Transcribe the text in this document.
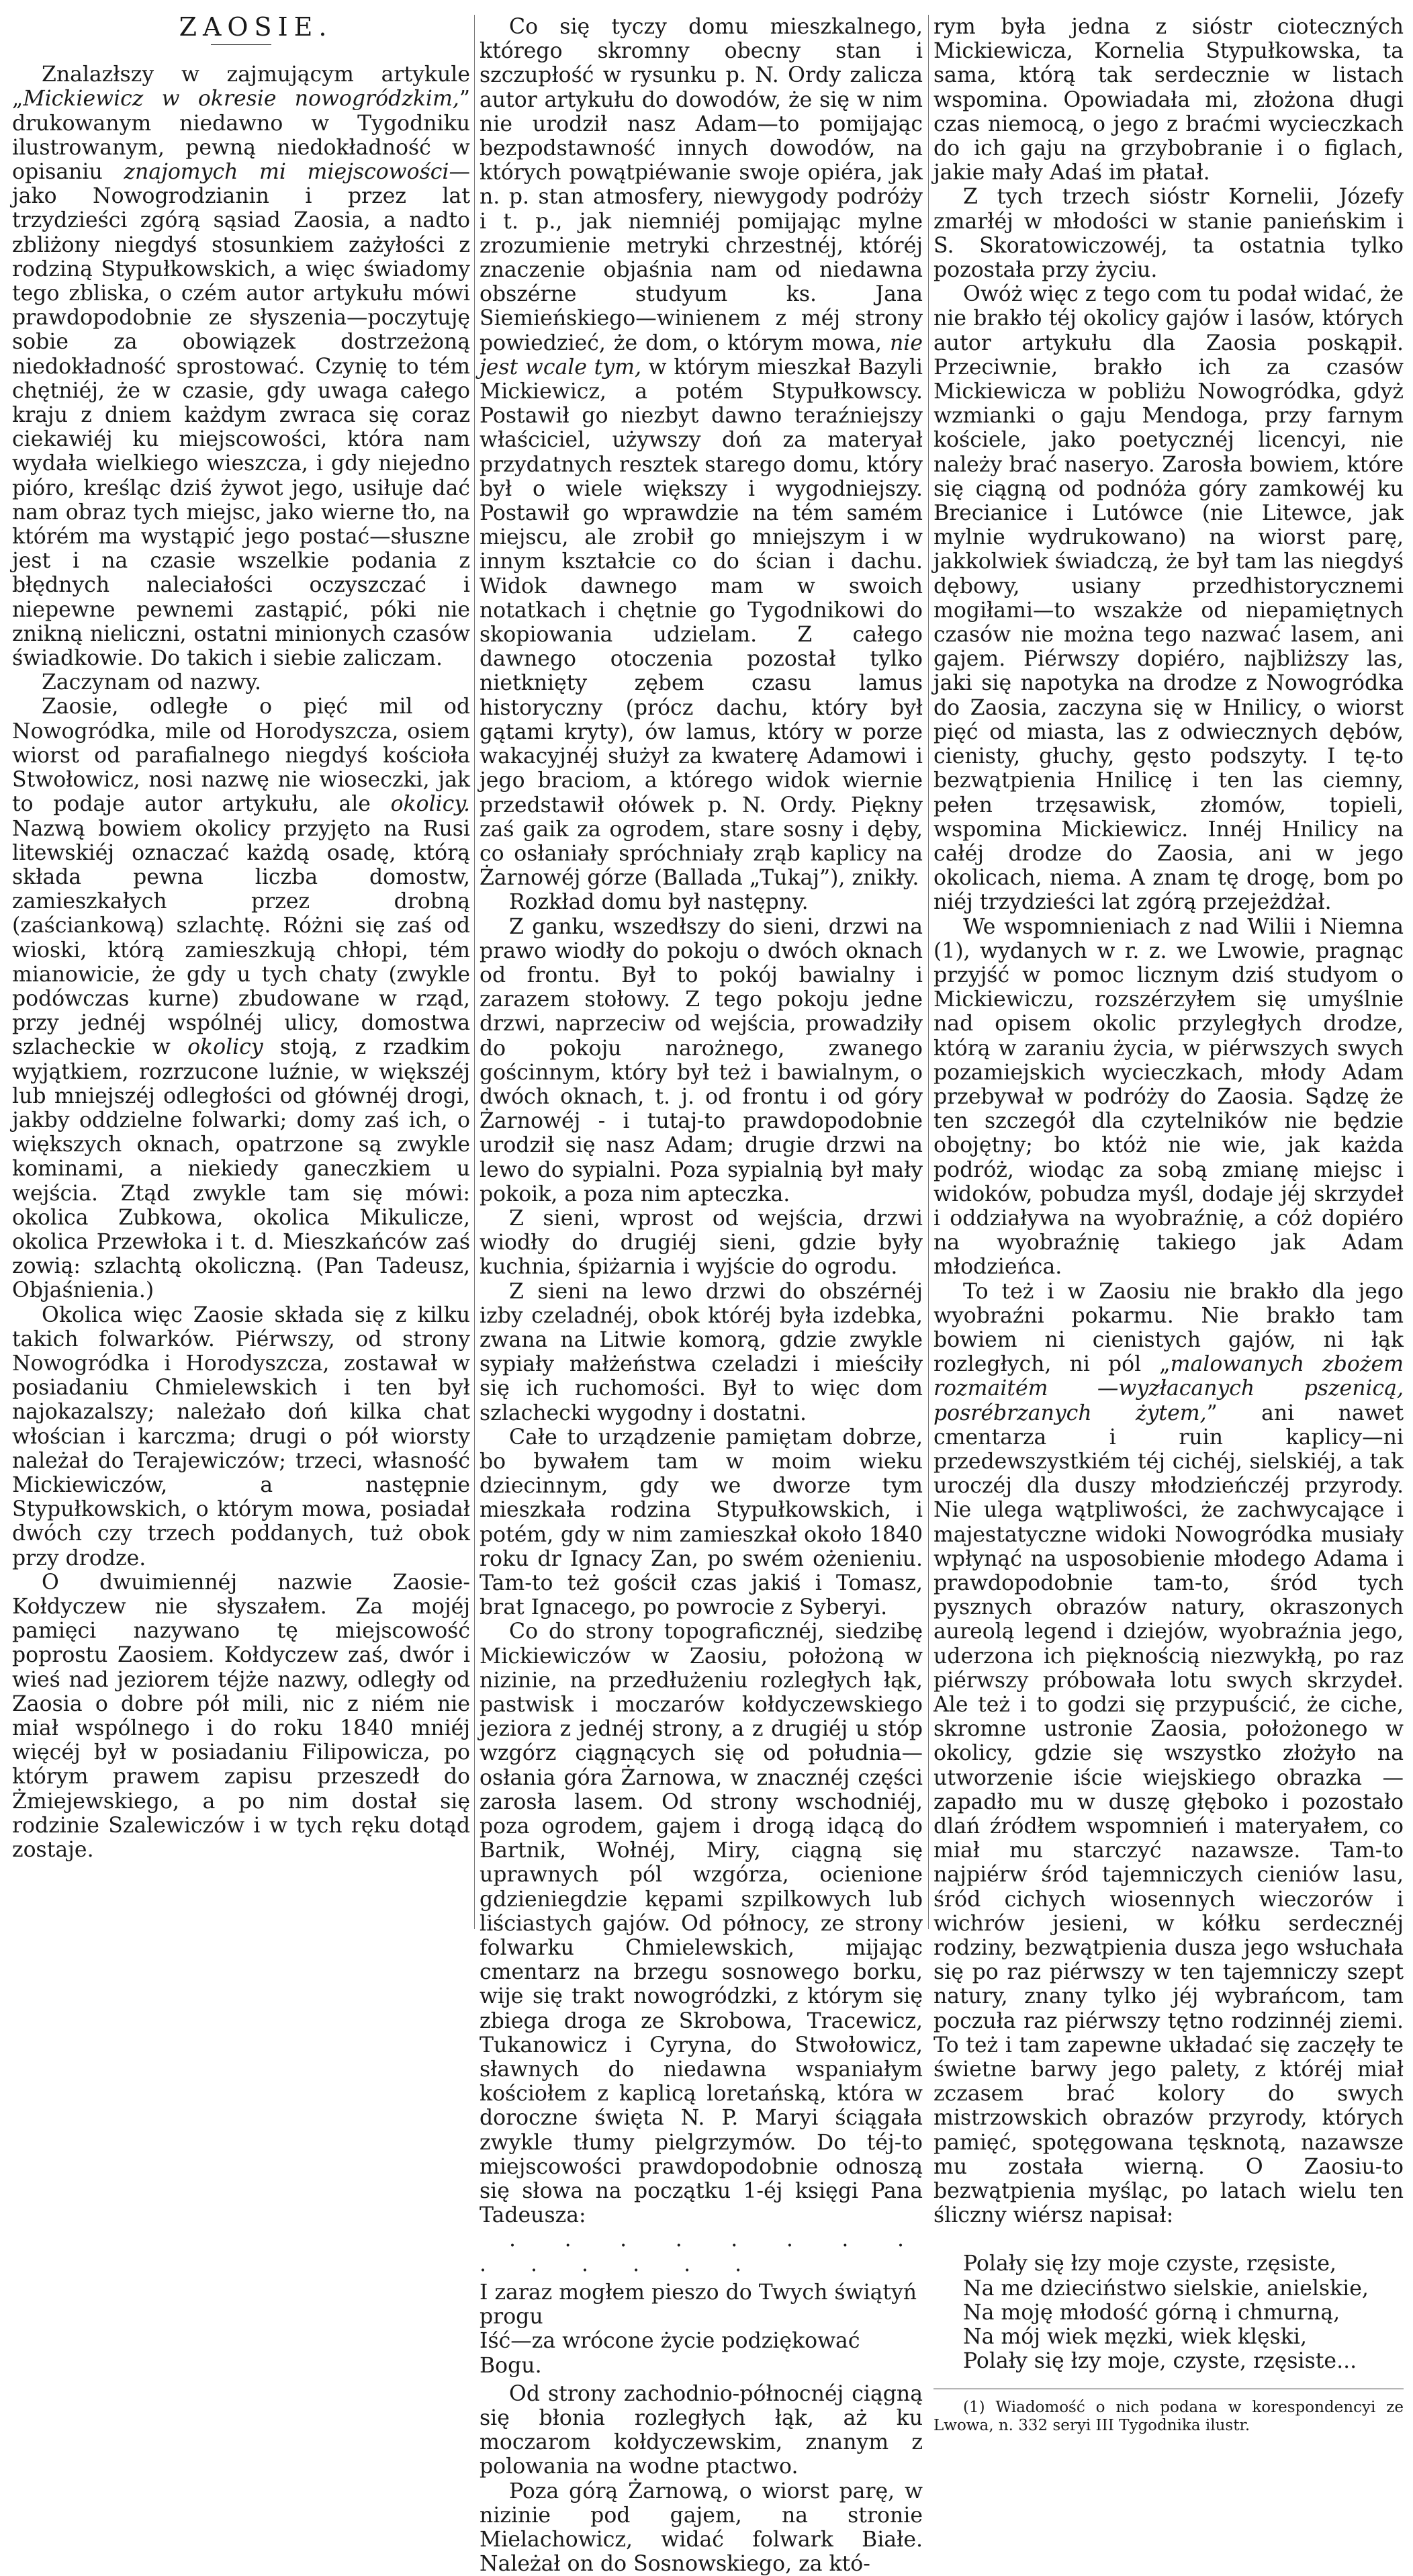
ZAOSIE.

Znalazłszy w zajmującym artykule „Mickiewicz w okresie nowogródzkim,” drukowanym niedawno w Tygodniku ilustrowanym, pewną niedokładność w opisaniu znajomych mi miejscowości—jako Nowogrodzianin i przez lat trzydzieści zgórą sąsiad Zaosia, a nadto zbliżony niegdyś stosunkiem zażyłości z rodziną Stypułkowskich, a więc świadomy tego zbliska, o czém autor artykułu mówi prawdopodobnie ze słyszenia—poczytuję sobie za obowiązek dostrzeżoną niedokładność sprostować. Czynię to tém chętniéj, że w czasie, gdy uwaga całego kraju z dniem każdym zwraca się coraz ciekawiéj ku miejscowości, która nam wydała wielkiego wieszcza, i gdy niejedno pióro, kreśląc dziś żywot jego, usiłuje dać nam obraz tych miejsc, jako wierne tło, na którém ma wystąpić jego postać—słuszne jest i na czasie wszelkie podania z błędnych naleciałości oczyszczać i niepewne pewnemi zastąpić, póki nie znikną nieliczni, ostatni minionych czasów świadkowie. Do takich i siebie zaliczam.

Zaczynam od nazwy.

Zaosie, odległe o pięć mil od Nowogródka, mile od Horodyszcza, osiem wiorst od parafialnego niegdyś kościoła Stwołowicz, nosi nazwę nie wioseczki, jak to podaje autor artykułu, ale okolicy. Nazwą bowiem okolicy przyjęto na Rusi litewskiéj oznaczać każdą osadę, którą składa pewna liczba domostw, zamieszkałych przez drobną (zaściankową) szlachtę. Różni się zaś od wioski, którą zamieszkują chłopi, tém mianowicie, że gdy u tych chaty (zwykle podówczas kurne) zbudowane w rząd, przy jednéj wspólnéj ulicy, domostwa szlacheckie w okolicy stoją, z rzadkim wyjątkiem, rozrzucone luźnie, w większéj lub mniejszéj odległości od głównéj drogi, jakby oddzielne folwarki; domy zaś ich, o większych oknach, opatrzone są zwykle kominami, a niekiedy ganeczkiem u wejścia. Ztąd zwykle tam się mówi: okolica Zubkowa, okolica Mikulicze, okolica Przewłoka i t. d. Mieszkańców zaś zowią: szlachtą okoliczną. (Pan Tadeusz, Objaśnienia.)

Okolica więc Zaosie składa się z kilku takich folwarków. Piérwszy, od strony Nowogródka i Horodyszcza, zostawał w posiadaniu Chmielewskich i ten był najokazalszy; należało doń kilka chat włościan i karczma; drugi o pół wiorsty należał do Terajewiczów; trzeci, własność Mickiewiczów, a następnie Stypułkowskich, o którym mowa, posiadał dwóch czy trzech poddanych, tuż obok przy drodze.

O dwuimiennéj nazwie Zaosie-Kołdyczew nie słyszałem. Za mojéj pamięci nazywano tę miejscowość poprostu Zaosiem. Kołdyczew zaś, dwór i wieś nad jeziorem téjże nazwy, odległy od Zaosia o dobre pół mili, nic z niém nie miał wspólnego i do roku 1840 mniéj więcéj był w posiadaniu Filipowicza, po którym prawem zapisu przeszedł do Żmiejewskiego, a po nim dostał się rodzinie Szalewiczów i w tych ręku dotąd zostaje.

Co się tyczy domu mieszkalnego, którego skromny obecny stan i szczupłość w rysunku p. N. Ordy zalicza autor artykułu do dowodów, że się w nim nie urodził nasz Adam—to pomijając bezpodstawność innych dowodów, na których powątpiéwanie swoje opiéra, jak n. p. stan atmosfery, niewygody podróży i t. p., jak niemniéj pomijając mylne zrozumienie metryki chrzestnéj, któréj znaczenie objaśnia nam od niedawna obszérne studyum ks. Jana Siemieńskiego—winienem z méj strony powiedzieć, że dom, o którym mowa, nie jest wcale tym, w którym mieszkał Bazyli Mickiewicz, a potém Stypułkowscy. Postawił go niezbyt dawno teraźniejszy właściciel, używszy doń za materyał przydatnych resztek starego domu, który był o wiele większy i wygodniejszy. Postawił go wprawdzie na tém samém miejscu, ale zrobił go mniejszym i w innym kształcie co do ścian i dachu. Widok dawnego mam w swoich notatkach i chętnie go Tygodnikowi do skopiowania udzielam. Z całego dawnego otoczenia pozostał tylko nietknięty zębem czasu lamus historyczny (prócz dachu, który był gątami kryty), ów lamus, który w porze wakacyjnéj służył za kwaterę Adamowi i jego braciom, a którego widok wiernie przedstawił ołówek p. N. Ordy. Piękny zaś gaik za ogrodem, stare sosny i dęby, co osłaniały spróchniały zrąb kaplicy na Żarnowéj górze (Ballada „Tukaj”), znikły.

Rozkład domu był następny.

Z ganku, wszedłszy do sieni, drzwi na prawo wiodły do pokoju o dwóch oknach od frontu. Był to pokój bawialny i zarazem stołowy. Z tego pokoju jedne drzwi, naprzeciw od wejścia, prowadziły do pokoju narożnego, zwanego gościnnym, który był też i bawialnym, o dwóch oknach, t. j. od frontu i od góry Żarnowéj - i tutaj-to prawdopodobnie urodził się nasz Adam; drugie drzwi na lewo do sypialni. Poza sypialnią był mały pokoik, a poza nim apteczka.

Z sieni, wprost od wejścia, drzwi wiodły do drugiéj sieni, gdzie były kuchnia, śpiżarnia i wyjście do ogrodu.

Z sieni na lewo drzwi do obszérnéj izby czeladnéj, obok któréj była izdebka, zwana na Litwie komorą, gdzie zwykle sypiały małżeństwa czeladzi i mieściły się ich ruchomości. Był to więc dom szlachecki wygodny i dostatni.

Całe to urządzenie pamiętam dobrze, bo bywałem tam w moim wieku dziecinnym, gdy we dworze tym mieszkała rodzina Stypułkowskich, i potém, gdy w nim zamieszkał około 1840 roku dr Ignacy Zan, po swém ożenieniu. Tam-to też gościł czas jakiś i Tomasz, brat Ignacego, po powrocie z Syberyi.

Co do strony topograficznéj, siedzibę Mickiewiczów w Zaosiu, położoną w nizinie, na przedłużeniu rozległych łąk, pastwisk i moczarów kołdyczewskiego jeziora z jednéj strony, a z drugiéj u stóp wzgórz ciągnących się od południa—osłania góra Żarnowa, w znacznéj części zarosła lasem. Od strony wschodniéj, poza ogrodem, gajem i drogą idącą do Bartnik, Wołnéj, Miry, ciągną się uprawnych pól wzgórza, ocienione gdzieniegdzie kępami szpilkowych lub liściastych gajów. Od północy, ze strony folwarku Chmielewskich, mijając cmentarz na brzegu sosnowego borku, wije się trakt nowogródzki, z którym się zbiega droga ze Skrobowa, Tracewicz, Tukanowicz i Cyryna, do Stwołowicz, sławnych do niedawna wspaniałym kościołem z kaplicą loretańską, która w doroczne święta N. P. Maryi ściągała zwykle tłumy pielgrzymów. Do téj-to miejscowości prawdopodobnie odnoszą się słowa na początku 1-éj księgi Pana Tadeusza:

. . . . . . . . . . . . . .

I zaraz mogłem pieszo do Twych świątyń progu
Iść—za wrócone życie podziękować Bogu.

Od strony zachodnio-północnéj ciągną się błonia rozległych łąk, aż ku moczarom kołdyczewskim, znanym z polowania na wodne ptactwo.

Poza górą Żarnową, o wiorst parę, w nizinie pod gajem, na stronie Mielachowicz, widać folwark Białe. Należał on do Sosnowskiego, za któ-

rym była jedna z sióstr cioteczných Mickiewicza, Kornelia Stypułkowska, ta sama, którą tak serdecznie w listach wspomina. Opowiadała mi, złożona długi czas niemocą, o jego z braćmi wycieczkach do ich gaju na grzybobranie i o figlach, jakie mały Adaś im płatał.

Z tych trzech sióstr Kornelii, Józefy zmarłéj w młodości w stanie panieńskim i S. Skoratowiczowéj, ta ostatnia tylko pozostała przy życiu.

Owóż więc z tego com tu podał widać, że nie brakło téj okolicy gajów i lasów, których autor artykułu dla Zaosia poskąpił. Przeciwnie, brakło ich za czasów Mickiewicza w pobliżu Nowogródka, gdyż wzmianki o gaju Mendoga, przy farnym kościele, jako poetycznéj licencyi, nie należy brać naseryo. Zarosła bowiem, które się ciągną od podnóża góry zamkowéj ku Brecianice i Lutówce (nie Litewce, jak mylnie wydrukowano) na wiorst parę, jakkolwiek świadczą, że był tam las niegdyś dębowy, usiany przedhistorycznemi mogiłami—to wszakże od niepamiętnych czasów nie można tego nazwać lasem, ani gajem. Piérwszy dopiéro, najbliższy las, jaki się napotyka na drodze z Nowogródka do Zaosia, zaczyna się w Hnilicy, o wiorst pięć od miasta, las z odwiecznych dębów, cienisty, głuchy, gęsto podszyty. I tę-to bezwątpienia Hnilicę i ten las ciemny, pełen trzęsawisk, złomów, topieli, wspomina Mickiewicz. Innéj Hnilicy na całéj drodze do Zaosia, ani w jego okolicach, niema. A znam tę drogę, bom po niéj trzydzieści lat zgórą przejeżdżał.

We wspomnieniach z nad Wilii i Niemna (1), wydanych w r. z. we Lwowie, pragnąc przyjść w pomoc licznym dziś studyom o Mickiewiczu, rozszérzyłem się umyślnie nad opisem okolic przyległych drodze, którą w zaraniu życia, w piérwszych swych pozamiejskich wycieczkach, młody Adam przebywał w podróży do Zaosia. Sądzę że ten szczegół dla czytelników nie będzie obojętny; bo któż nie wie, jak każda podróż, wiodąc za sobą zmianę miejsc i widoków, pobudza myśl, dodaje jéj skrzydeł i oddziaływa na wyobraźnię, a cóż dopiéro na wyobraźnię takiego jak Adam młodzieńca.

To też i w Zaosiu nie brakło dla jego wyobraźni pokarmu. Nie brakło tam bowiem ni cienistych gajów, ni łąk rozległych, ni pól „malowanych zbożem rozmaitém —wyzłacanych pszenicą, posrébrzanych żytem,” ani nawet cmentarza i ruin kaplicy—ni przedewszystkiém téj cichéj, sielskiéj, a tak uroczéj dla duszy młodzieńczéj przyrody. Nie ulega wątpliwości, że zachwycające i majestatyczne widoki Nowogródka musiały wpłynąć na usposobienie młodego Adama i prawdopodobnie tam-to, śród tych pysznych obrazów natury, okraszonych aureolą legend i dziejów, wyobraźnia jego, uderzona ich pięknością niezwykłą, po raz piérwszy próbowała lotu swych skrzydeł. Ale też i to godzi się przypuścić, że ciche, skromne ustronie Zaosia, położonego w okolicy, gdzie się wszystko złożyło na utworzenie iście wiejskiego obrazka — zapadło mu w duszę głęboko i pozostało dlań źródłem wspomnień i materyałem, co miał mu starczyć nazawsze. Tam-to najpiérw śród tajemniczych cieniów lasu, śród cichych wiosennych wieczorów i wichrów jesieni, w kółku serdecznéj rodziny, bezwątpienia dusza jego wsłuchała się po raz piérwszy w ten tajemniczy szept natury, znany tylko jéj wybrańcom, tam poczuła raz piérwszy tętno rodzinnéj ziemi. To też i tam zapewne układać się zaczęły te świetne barwy jego palety, z któréj miał zczasem brać kolory do swych mistrzowskich obrazów przyrody, których pamięć, spotęgowana tęsknotą, nazawsze mu została wierną. O Zaosiu-to bezwątpienia myśląc, po latach wielu ten śliczny wiérsz napisał:

Polały się łzy moje czyste, rzęsiste,
Na me dzieciństwo sielskie, anielskie,
Na moję młodość górną i chmurną,
Na mój wiek męzki, wiek klęski,
Polały się łzy moje, czyste, rzęsiste...

(1) Wiadomość o nich podana w korespondencyi ze Lwowa, n. 332 seryi III Tygodnika ilustr.
